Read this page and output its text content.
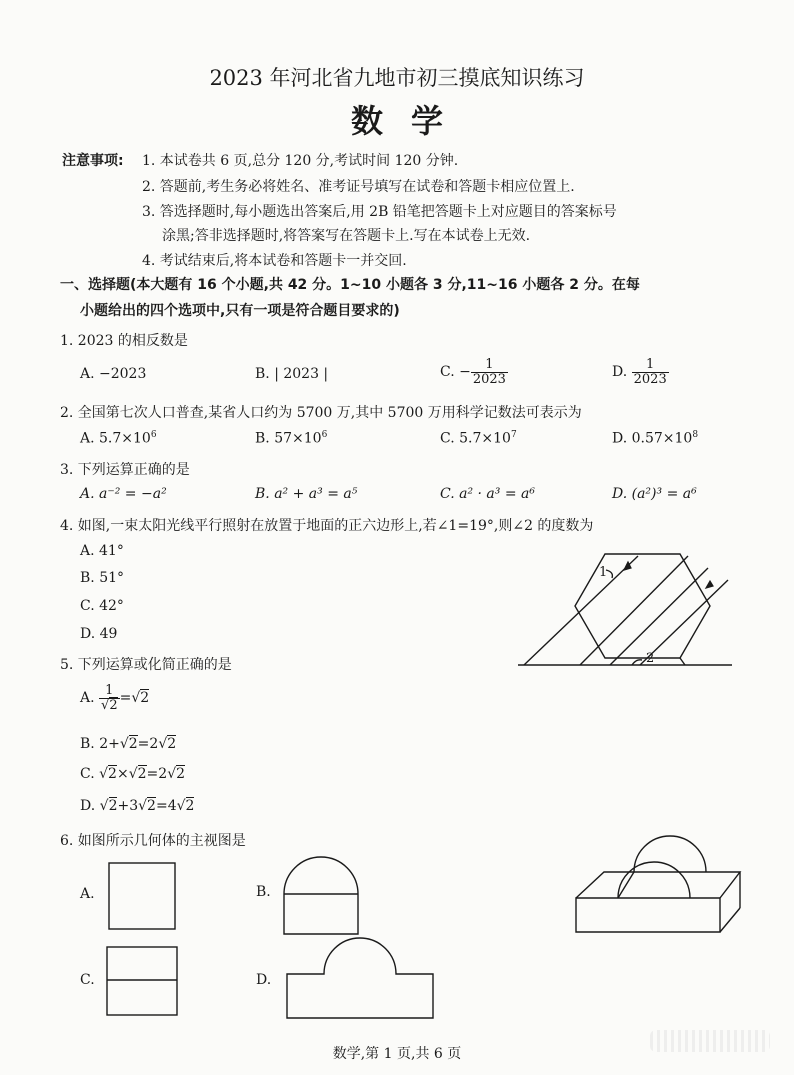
2023 年河北省九地市初三摸底知识练习
数学
注意事项: 1. 本试卷共 6 页,总分 120 分,考试时间 120 分钟.
2. 答题前,考生务必将姓名、准考证号填写在试卷和答题卡相应位置上.
3. 答选择题时,每小题选出答案后,用 2B 铅笔把答题卡上对应题目的答案标号
涂黑;答非选择题时,将答案写在答题卡上.写在本试卷上无效.
4. 考试结束后,将本试卷和答题卡一并交回.
一、选择题(本大题有 16 个小题,共 42 分。1~10 小题各 3 分,11~16 小题各 2 分。在每
小题给出的四个选项中,只有一项是符合题目要求的)
1. 2023 的相反数是
A. −2023	B. | 2023 |	C. − $\frac{1}{2023}$	D. $\frac{1}{2023}$
2. 全国第七次人口普查,某省人口约为 5700 万,其中 5700 万用科学记数法可表示为
A. $5.7\times 10^6$	B. $57\times 10^6$	C. $5.7\times 10^7$	D. $0.57\times 10^8$
3. 下列运算正确的是
A. a⁻² = −a²	B. a² + a³ = a⁵	C. a² · a³ = a⁶	D. (a²)³ = a⁶
4. 如图,一束太阳光线平行照射在放置于地面的正六边形上,若∠1=19°,则∠2 的度数为
A. 41°
B. 51°
C. 42°
D. 49
1
2
5. 下列运算或化简正确的是
A. $\frac{1}{√2} =√2$
B. 2+√2=2√2
C. √2×√2=2√2
D. √2+3√2=4√2
6. 如图所示几何体的主视图是
A.	B.
C.	D.
数学,第 1 页,共 6 页
